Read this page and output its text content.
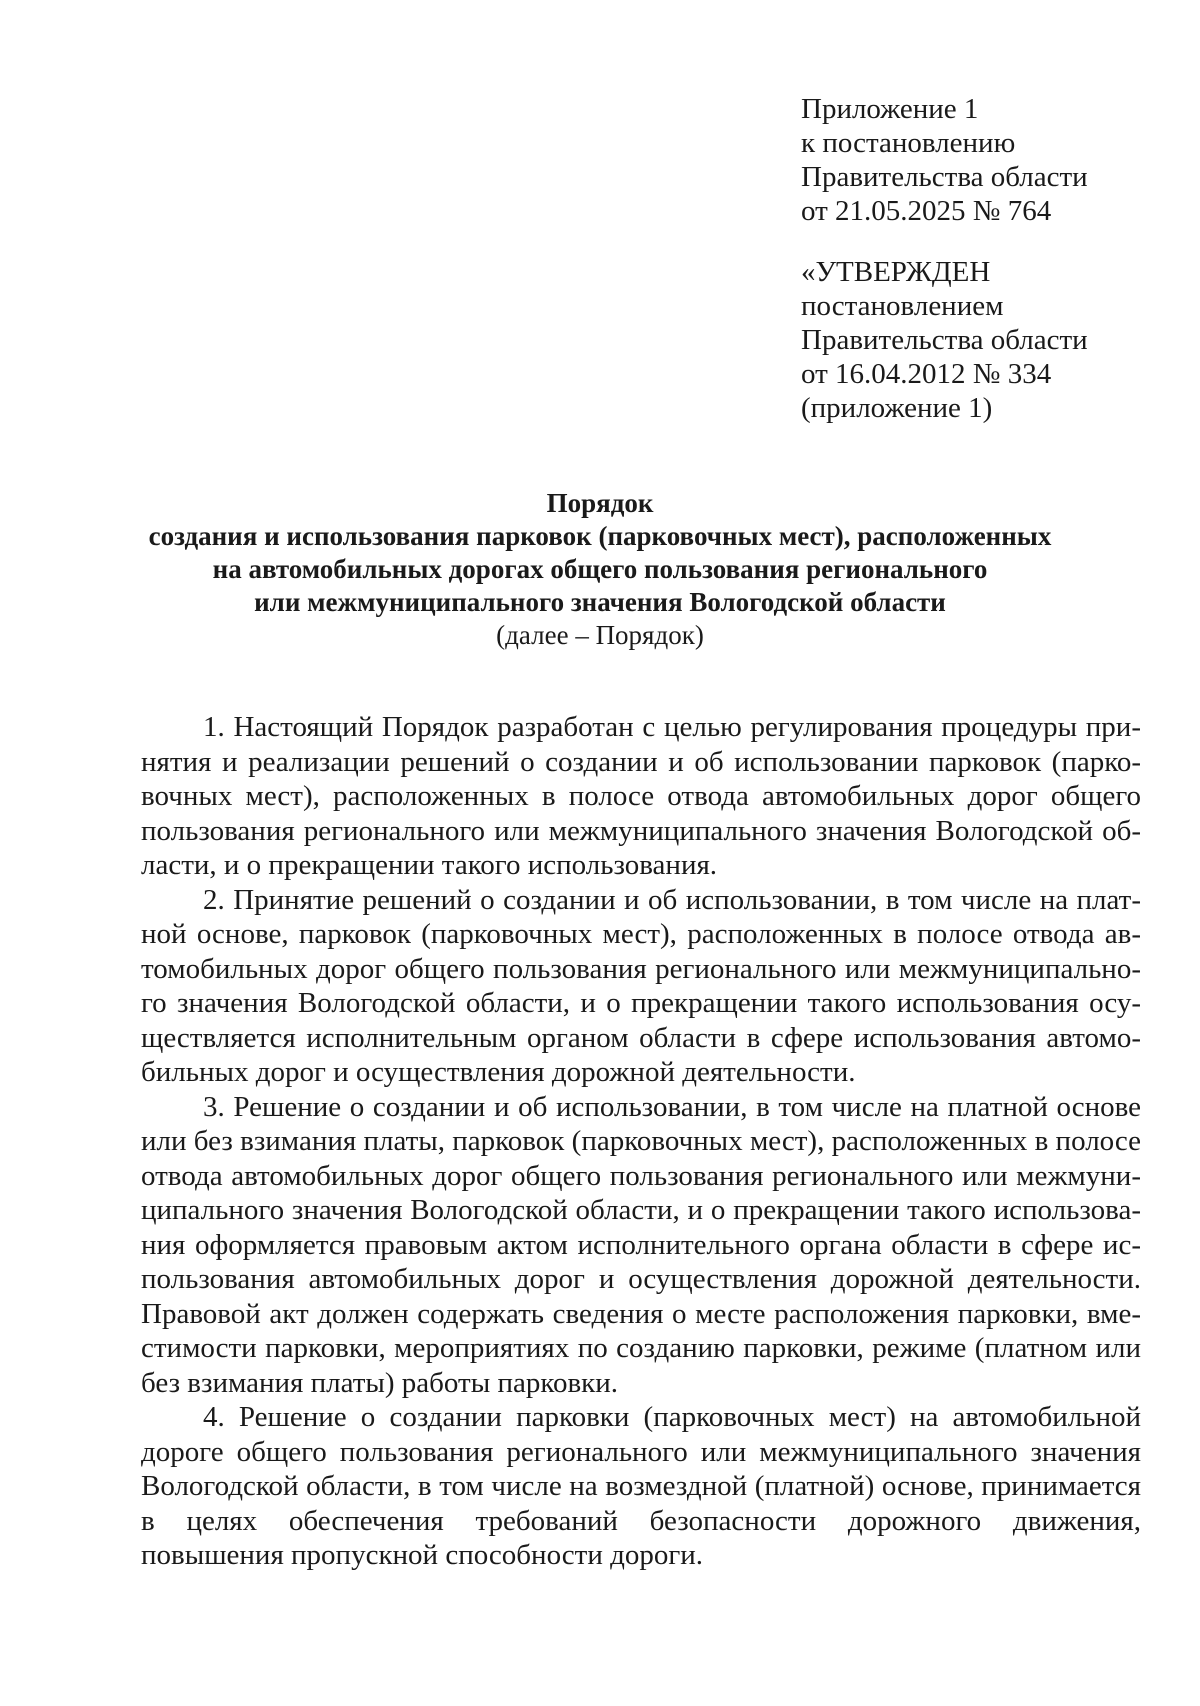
Приложение 1
к постановлению
Правительства области
от 21.05.2025 № 764
«УТВЕРЖДЕН
постановлением
Правительства области
от 16.04.2012 № 334
(приложение 1)
Порядок
создания и использования парковок (парковочных мест), расположенных
на автомобильных дорогах общего пользования регионального
или межмуниципального значения Вологодской области
(далее – Порядок)

1. Настоящий Порядок разработан с целью регулирования процедуры принятия и реализации решений о создании и об использовании парковок (парковочных мест), расположенных в полосе отвода автомобильных дорог общего пользования регионального или межмуниципального значения Вологодской области, и о прекращении такого использования.

2. Принятие решений о создании и об использовании, в том числе на платной основе, парковок (парковочных мест), расположенных в полосе отвода автомобильных дорог общего пользования регионального или межмуниципального значения Вологодской области, и о прекращении такого использования осуществляется исполнительным органом области в сфере использования автомобильных дорог и осуществления дорожной деятельности.

3. Решение о создании и об использовании, в том числе на платной основе или без взимания платы, парковок (парковочных мест), расположенных в полосе отвода автомобильных дорог общего пользования регионального или межмуниципального значения Вологодской области, и о прекращении такого использования оформляется правовым актом исполнительного органа области в сфере использования автомобильных дорог и осуществления дорожной деятельности. Правовой акт должен содержать сведения о месте расположения парковки, вместимости парковки, мероприятиях по созданию парковки, режиме (платном или без взимания платы) работы парковки.

4. Решение о создании парковки (парковочных мест) на автомобильной дороге общего пользования регионального или межмуниципального значения Вологодской области, в том числе на возмездной (платной) основе, принимается в целях обеспечения требований безопасности дорожного движения, повышения пропускной способности дороги.
